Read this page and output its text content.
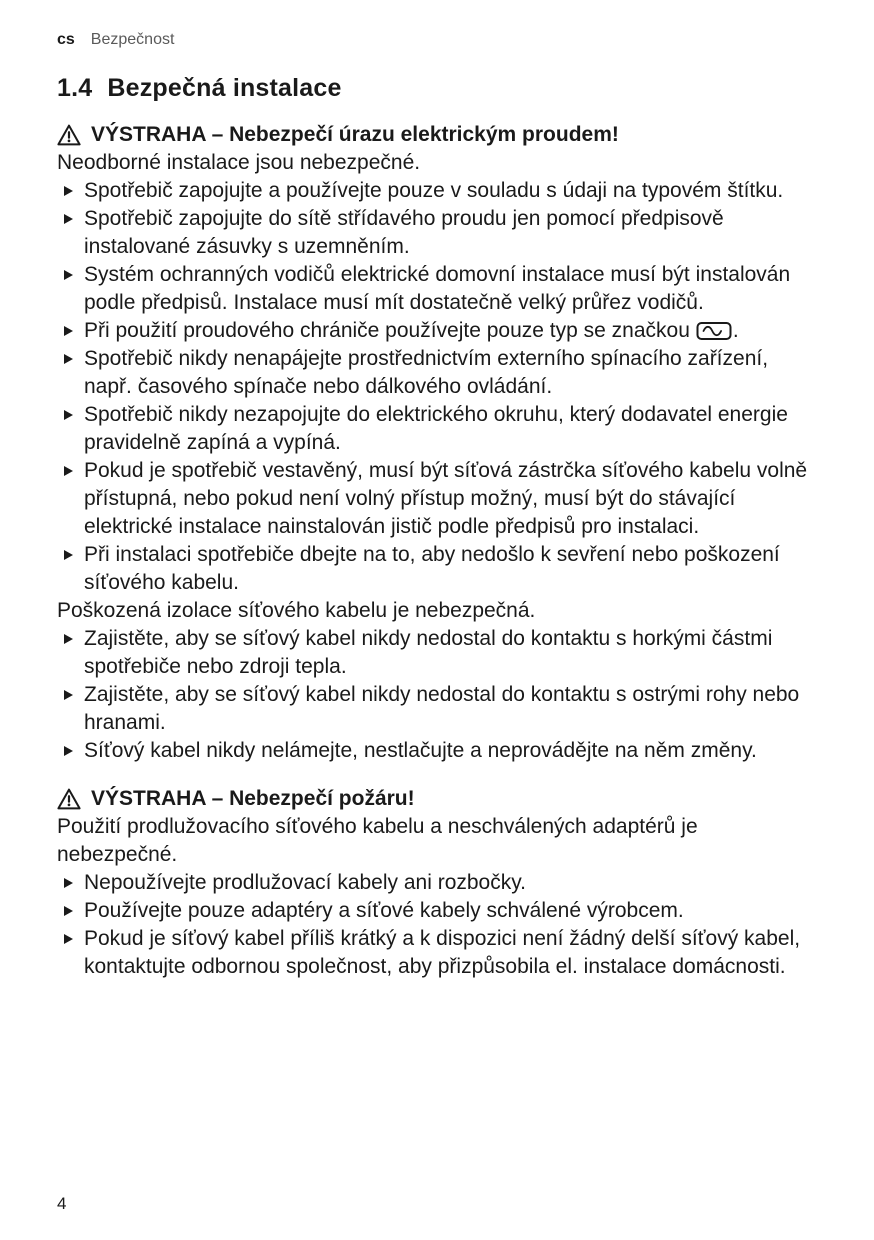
cs Bezpečnost
1.4 Bezpečná instalace
VÝSTRAHA – Nebezpečí úrazu elektrickým proudem!

Neodborné instalace jsou nebezpečné.

Spotřebič zapojujte a používejte pouze v souladu s údaji na typovém štítku.
Spotřebič zapojujte do sítě střídavého proudu jen pomocí předpisově instalované zásuvky s uzemněním.
Systém ochranných vodičů elektrické domovní instalace musí být instalován podle předpisů. Instalace musí mít dostatečně velký průřez vodičů.
Při použití proudového chrániče používejte pouze typ se značkou .
Spotřebič nikdy nenapájejte prostřednictvím externího spínacího zařízení, např. časového spínače nebo dálkového ovládání.
Spotřebič nikdy nezapojujte do elektrického okruhu, který dodavatel energie pravidelně zapíná a vypíná.
Pokud je spotřebič vestavěný, musí být síťová zástrčka síťového kabelu volně přístupná, nebo pokud není volný přístup možný, musí být do stávající elektrické instalace nainstalován jistič podle předpisů pro instalaci.
Při instalaci spotřebiče dbejte na to, aby nedošlo k sevření nebo poškození síťového kabelu.

Poškozená izolace síťového kabelu je nebezpečná.

Zajistěte, aby se síťový kabel nikdy nedostal do kontaktu s horkými částmi spotřebiče nebo zdroji tepla.
Zajistěte, aby se síťový kabel nikdy nedostal do kontaktu s ostrými rohy nebo hranami.
Síťový kabel nikdy nelámejte, nestlačujte a neprovádějte na něm změny.
VÝSTRAHA – Nebezpečí požáru!

Použití prodlužovacího síťového kabelu a neschválených adaptérů je nebezpečné.

Nepoužívejte prodlužovací kabely ani rozbočky.
Používejte pouze adaptéry a síťové kabely schválené výrobcem.
Pokud je síťový kabel příliš krátký a k dispozici není žádný delší síťový kabel, kontaktujte odbornou společnost, aby přizpůsobila el. instalace domácnosti.
4
